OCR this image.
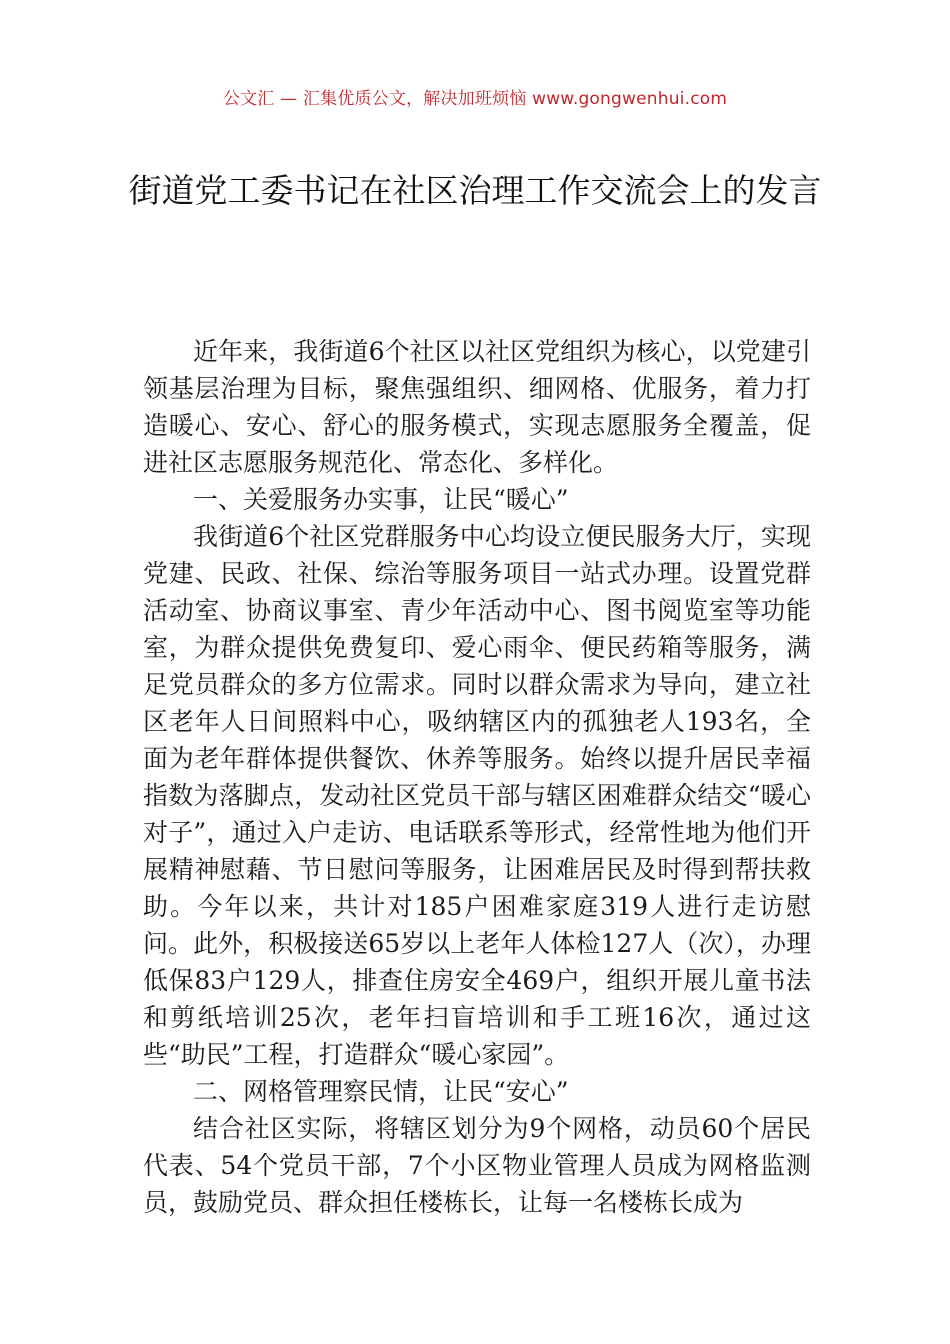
公文汇 — 汇集优质公文，解决加班烦恼 www.gongwenhui.com
街道党工委书记在社区治理工作交流会上的发言

近年来，我街道6个社区以社区党组织为核心，以党建引领基层治理为目标，聚焦强组织、细网格、优服务，着力打造暖心、安心、舒心的服务模式，实现志愿服务全覆盖，促进社区志愿服务规范化、常态化、多样化。

一、关爱服务办实事，让民“暖心”

我街道6个社区党群服务中心均设立便民服务大厅，实现党建、民政、社保、综治等服务项目一站式办理。设置党群活动室、协商议事室、青少年活动中心、图书阅览室等功能室，为群众提供免费复印、爱心雨伞、便民药箱等服务，满足党员群众的多方位需求。同时以群众需求为导向，建立社区老年人日间照料中心，吸纳辖区内的孤独老人193名，全面为老年群体提供餐饮、休养等服务。始终以提升居民幸福指数为落脚点，发动社区党员干部与辖区困难群众结交“暖心对子”，通过入户走访、电话联系等形式，经常性地为他们开展精神慰藉、节日慰问等服务，让困难居民及时得到帮扶救助。今年以来，共计对185户困难家庭319人进行走访慰问。此外，积极接送65岁以上老年人体检127人（次），办理低保83户129人，排查住房安全469户，组织开展儿童书法和剪纸培训25次，老年扫盲培训和手工班16次，通过这些“助民”工程，打造群众“暖心家园”。

二、网格管理察民情，让民“安心”

结合社区实际，将辖区划分为9个网格，动员60个居民代表、54个党员干部，7个小区物业管理人员成为网格监测员，鼓励党员、群众担任楼栋长，让每一名楼栋长成为
